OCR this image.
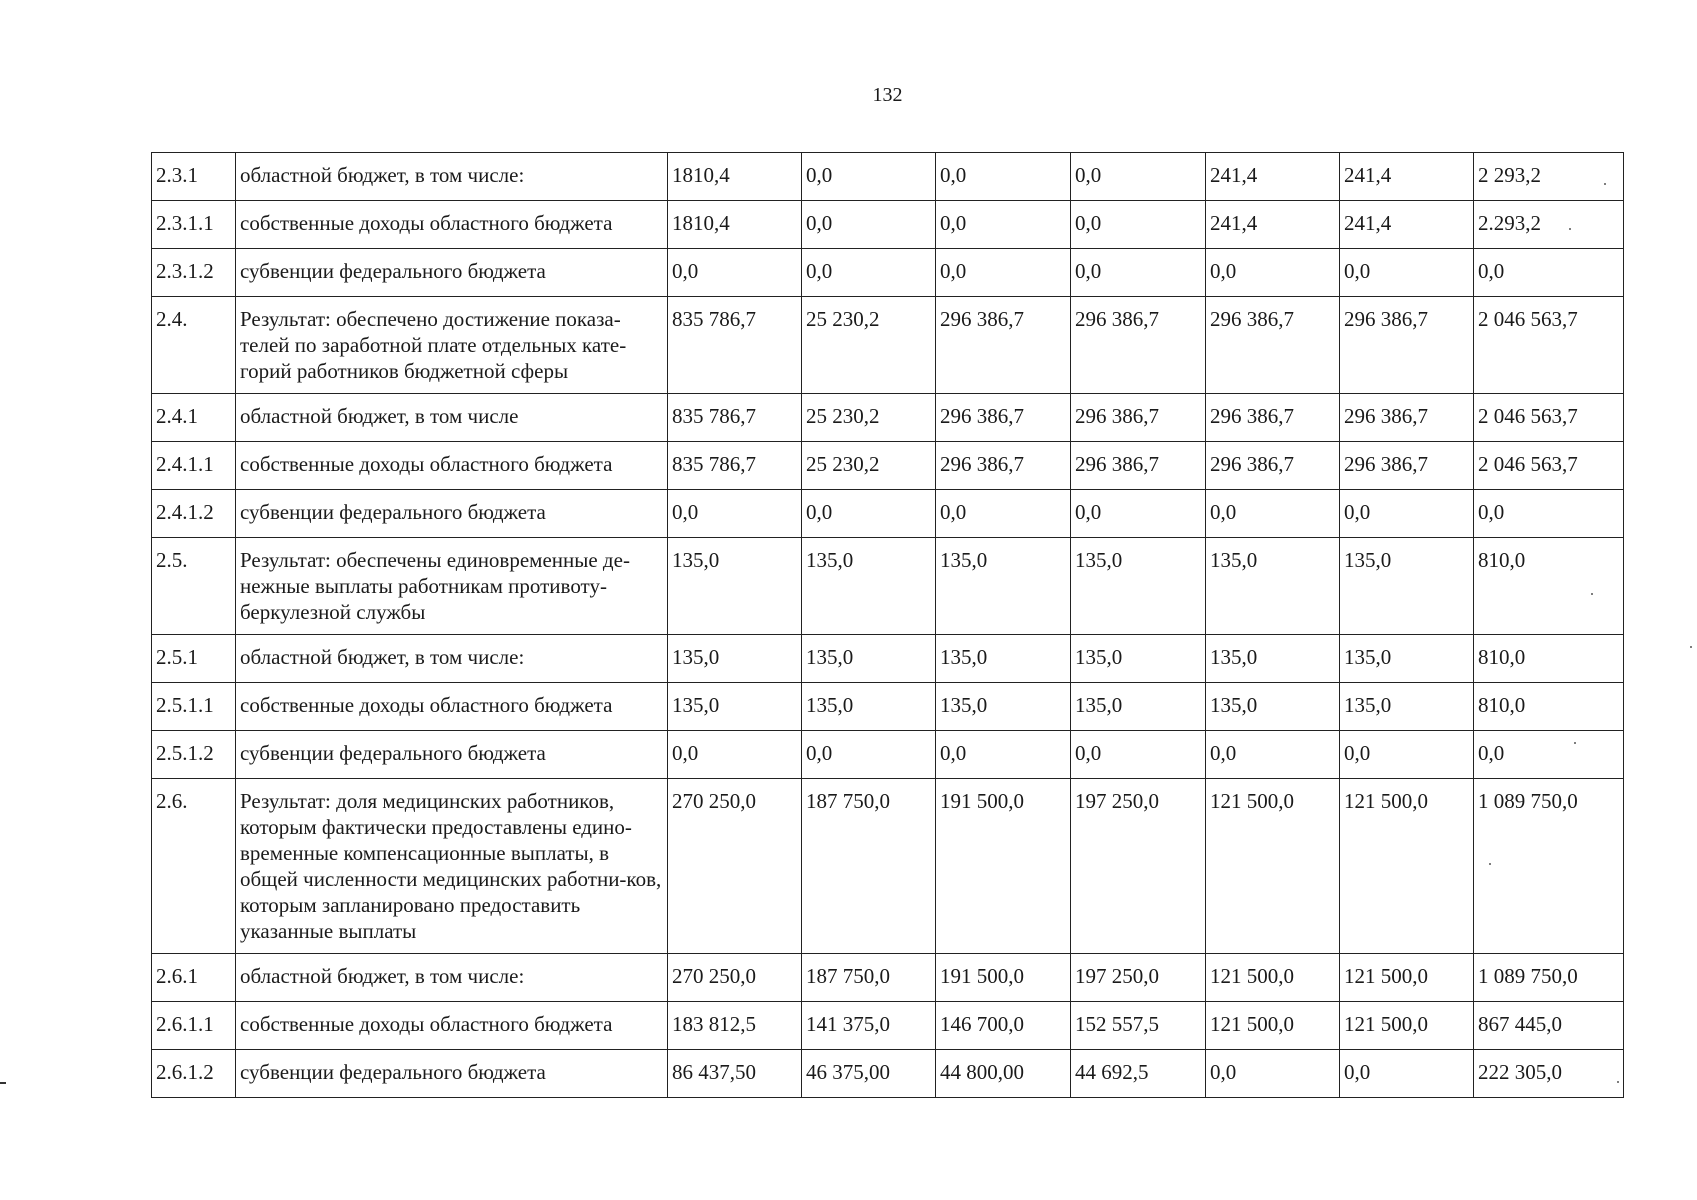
132
2.3.1	областной бюджет, в том числе:	1810,4	0,0	0,0	0,0	241,4	241,4	2 293,2
2.3.1.1	собственные доходы областного бюджета	1810,4	0,0	0,0	0,0	241,4	241,4	2.293,2
2.3.1.2	субвенции федерального бюджета	0,0	0,0	0,0	0,0	0,0	0,0	0,0
2.4.	Результат: обеспечено достижение показа-телей по заработной плате отдельных кате-горий работников бюджетной сферы	835 786,7	25 230,2	296 386,7	296 386,7	296 386,7	296 386,7	2 046 563,7
2.4.1	областной бюджет, в том числе	835 786,7	25 230,2	296 386,7	296 386,7	296 386,7	296 386,7	2 046 563,7
2.4.1.1	собственные доходы областного бюджета	835 786,7	25 230,2	296 386,7	296 386,7	296 386,7	296 386,7	2 046 563,7
2.4.1.2	субвенции федерального бюджета	0,0	0,0	0,0	0,0	0,0	0,0	0,0
2.5.	Результат: обеспечены единовременные де-нежные выплаты работникам противоту-беркулезной службы	135,0	135,0	135,0	135,0	135,0	135,0	810,0
2.5.1	областной бюджет, в том числе:	135,0	135,0	135,0	135,0	135,0	135,0	810,0
2.5.1.1	собственные доходы областного бюджета	135,0	135,0	135,0	135,0	135,0	135,0	810,0
2.5.1.2	субвенции федерального бюджета	0,0	0,0	0,0	0,0	0,0	0,0	0,0
2.6.	Результат: доля медицинских работников, которым фактически предоставлены едино-временные компенсационные выплаты, в общей численности медицинских работни-ков, которым запланировано предоставить указанные выплаты	270 250,0	187 750,0	191 500,0	197 250,0	121 500,0	121 500,0	1 089 750,0
2.6.1	областной бюджет, в том числе:	270 250,0	187 750,0	191 500,0	197 250,0	121 500,0	121 500,0	1 089 750,0
2.6.1.1	собственные доходы областного бюджета	183 812,5	141 375,0	146 700,0	152 557,5	121 500,0	121 500,0	867 445,0
2.6.1.2	субвенции федерального бюджета	86 437,50	46 375,00	44 800,00	44 692,5	0,0	0,0	222 305,0
